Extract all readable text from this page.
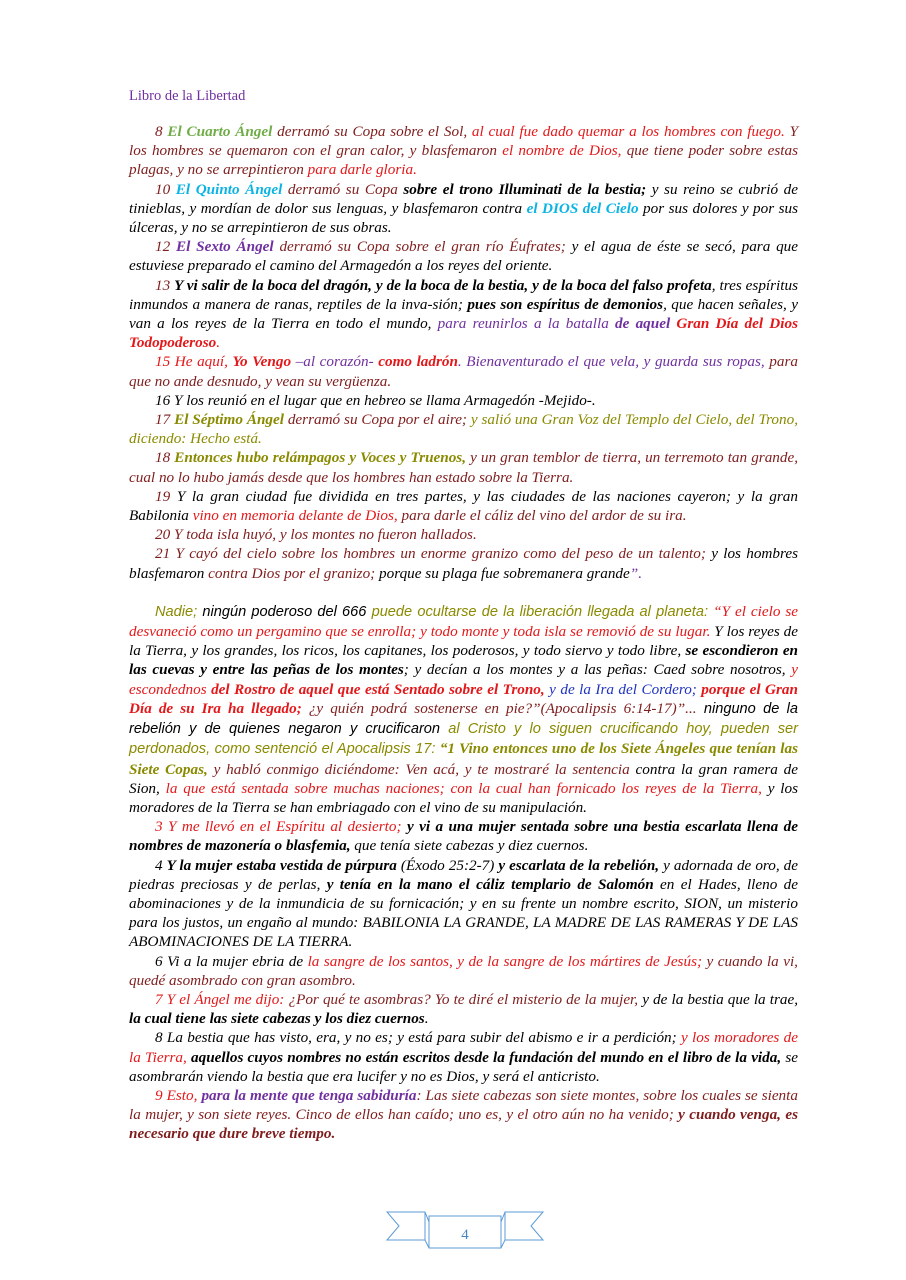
Libro de la Libertad

8 El Cuarto Ángel derramó su Copa sobre el Sol, al cual fue dado quemar a los hombres con fuego. Y los hombres se quemaron con el gran calor, y blasfemaron el nombre de Dios, que tiene poder sobre estas plagas, y no se arrepintieron para darle gloria.

10 El Quinto Ángel derramó su Copa sobre el trono Illuminati de la bestia; y su reino se cubrió de tinieblas, y mordían de dolor sus lenguas, y blasfemaron contra el DIOS del Cielo por sus dolores y por sus úlceras, y no se arrepintieron de sus obras.

12 El Sexto Ángel derramó su Copa sobre el gran río Éufrates; y el agua de éste se secó, para que estuviese preparado el camino del Armagedón a los reyes del oriente.

13 Y vi salir de la boca del dragón, y de la boca de la bestia, y de la boca del falso profeta, tres espíritus inmundos a manera de ranas, reptiles de la inva-sión; pues son espíritus de demonios, que hacen señales, y van a los reyes de la Tierra en todo el mundo, para reunirlos a la batalla de aquel Gran Día del Dios Todopoderoso.

15 He aquí, Yo Vengo –al corazón- como ladrón. Bienaventurado el que vela, y guarda sus ropas, para que no ande desnudo, y vean su vergüenza.

16 Y los reunió en el lugar que en hebreo se llama Armagedón -Mejido-.

17 El Séptimo Ángel derramó su Copa por el aire; y salió una Gran Voz del Templo del Cielo, del Trono, diciendo: Hecho está.

18 Entonces hubo relámpagos y Voces y Truenos, y un gran temblor de tierra, un terremoto tan grande, cual no lo hubo jamás desde que los hombres han estado sobre la Tierra.

19 Y la gran ciudad fue dividida en tres partes, y las ciudades de las naciones cayeron; y la gran Babilonia vino en memoria delante de Dios, para darle el cáliz del vino del ardor de su ira.

20 Y toda isla huyó, y los montes no fueron hallados.

21 Y cayó del cielo sobre los hombres un enorme granizo como del peso de un talento; y los hombres blasfemaron contra Dios por el granizo; porque su plaga fue sobremanera grande”.

Nadie; ningún poderoso del 666 puede ocultarse de la liberación llegada al planeta: “Y el cielo se desvaneció como un pergamino que se enrolla; y todo monte y toda isla se removió de su lugar. Y los reyes de la Tierra, y los grandes, los ricos, los capitanes, los poderosos, y todo siervo y todo libre, se escondieron en las cuevas y entre las peñas de los montes; y decían a los montes y a las peñas: Caed sobre nosotros, y escondednos del Rostro de aquel que está Sentado sobre el Trono, y de la Ira del Cordero; porque el Gran Día de su Ira ha llegado; ¿y quién podrá sostenerse en pie?”(Apocalipsis 6:14-17)”... ninguno de la rebelión y de quienes negaron y crucificaron al Cristo y lo siguen crucificando hoy, pueden ser perdonados, como sentenció el Apocalipsis 17: “1 Vino entonces uno de los Siete Ángeles que tenían las Siete Copas, y habló conmigo diciéndome: Ven acá, y te mostraré la sentencia contra la gran ramera de Sion, la que está sentada sobre muchas naciones; con la cual han fornicado los reyes de la Tierra, y los moradores de la Tierra se han embriagado con el vino de su manipulación.

3 Y me llevó en el Espíritu al desierto; y vi a una mujer sentada sobre una bestia escarlata llena de nombres de mazonería o blasfemia, que tenía siete cabezas y diez cuernos.

4 Y la mujer estaba vestida de púrpura (Éxodo 25:2-7) y escarlata de la rebelión, y adornada de oro, de piedras preciosas y de perlas, y tenía en la mano el cáliz templario de Salomón en el Hades, lleno de abominaciones y de la inmundicia de su fornicación; y en su frente un nombre escrito, SION, un misterio para los justos, un engaño al mundo: BABILONIA LA GRANDE, LA MADRE DE LAS RAMERAS Y DE LAS ABOMINACIONES DE LA TIERRA.

6 Vi a la mujer ebria de la sangre de los santos, y de la sangre de los mártires de Jesús; y cuando la vi, quedé asombrado con gran asombro.

7 Y el Ángel me dijo: ¿Por qué te asombras? Yo te diré el misterio de la mujer, y de la bestia que la trae, la cual tiene las siete cabezas y los diez cuernos.

8 La bestia que has visto, era, y no es; y está para subir del abismo e ir a perdición; y los moradores de la Tierra, aquellos cuyos nombres no están escritos desde la fundación del mundo en el libro de la vida, se asombrarán viendo la bestia que era lucifer y no es Dios, y será el anticristo.

9 Esto, para la mente que tenga sabiduría: Las siete cabezas son siete montes, sobre los cuales se sienta la mujer, y son siete reyes. Cinco de ellos han caído; uno es, y el otro aún no ha venido; y cuando venga, es necesario que dure breve tiempo.

4
